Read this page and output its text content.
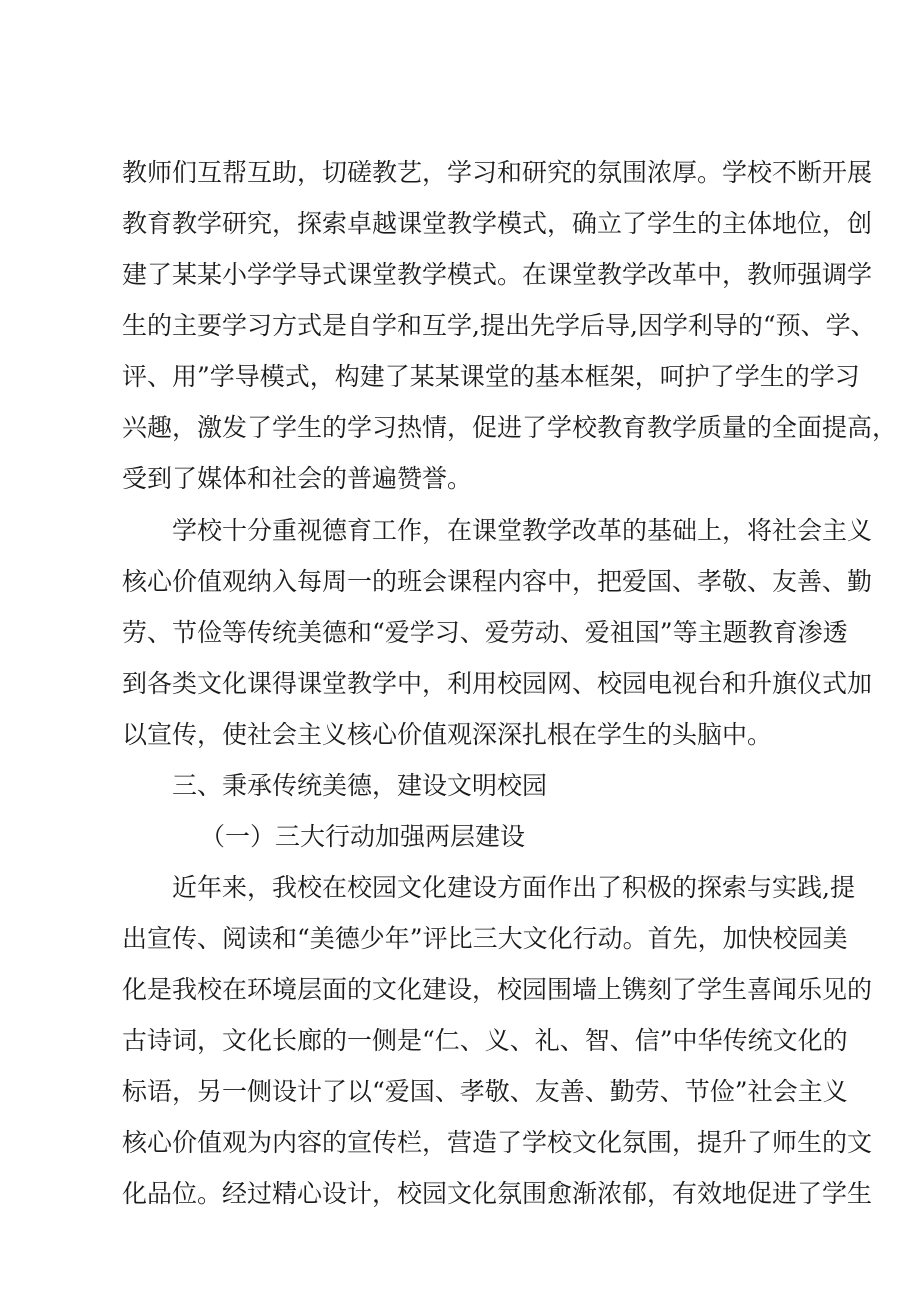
教师们互帮互助，切磋教艺，学习和研究的氛围浓厚。学校不断开展
教育教学研究，探索卓越课堂教学模式，确立了学生的主体地位，创
建了某某小学学导式课堂教学模式。在课堂教学改革中，教师强调学
生的主要学习方式是自学和互学,提出先学后导,因学利导的“预、学、
评、用”学导模式，构建了某某课堂的基本框架，呵护了学生的学习
兴趣，激发了学生的学习热情，促进了学校教育教学质量的全面提高，
受到了媒体和社会的普遍赞誉。
学校十分重视德育工作，在课堂教学改革的基础上，将社会主义
核心价值观纳入每周一的班会课程内容中，把爱国、孝敬、友善、勤
劳、节俭等传统美德和“爱学习、爱劳动、爱祖国”等主题教育渗透
到各类文化课得课堂教学中，利用校园网、校园电视台和升旗仪式加
以宣传，使社会主义核心价值观深深扎根在学生的头脑中。
三、秉承传统美德，建设文明校园
（一）三大行动加强两层建设
近年来，我校在校园文化建设方面作出了积极的探索与实践,提
出宣传、阅读和“美德少年”评比三大文化行动。首先，加快校园美
化是我校在环境层面的文化建设，校园围墙上镌刻了学生喜闻乐见的
古诗词，文化长廊的一侧是“仁、义、礼、智、信”中华传统文化的
标语，另一侧设计了以“爱国、孝敬、友善、勤劳、节俭”社会主义
核心价值观为内容的宣传栏，营造了学校文化氛围，提升了师生的文
化品位。经过精心设计，校园文化氛围愈渐浓郁，有效地促进了学生
